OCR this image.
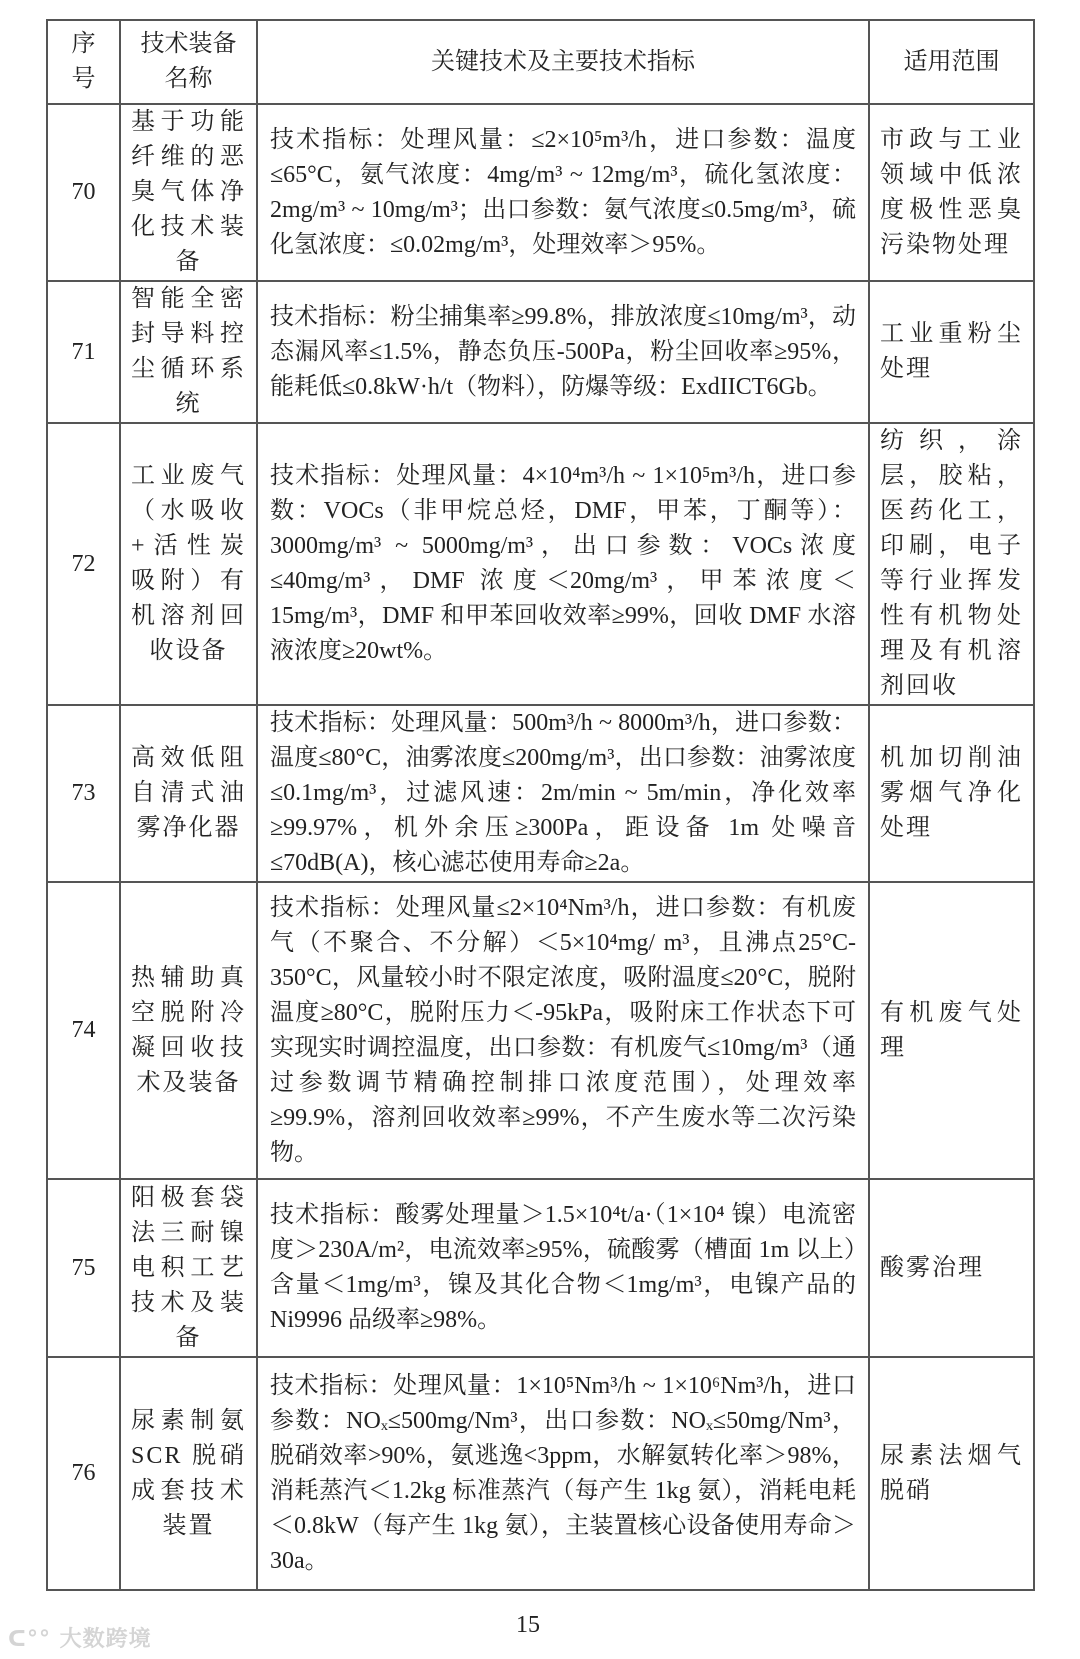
序号	技术装备名称	关键技术及主要技术指标	适用范围
70	基于功能纤维的恶臭气体净化技术装备	技术指标：处理风量：≤2×10⁵m³/h，进口参数：温度≤65°C，氨气浓度：4mg/m³ ~ 12mg/m³，硫化氢浓度：2mg/m³ ~ 10mg/m³；出口参数：氨气浓度≤0.5mg/m³，硫化氢浓度：≤0.02mg/m³，处理效率＞95%。	市政与工业领域中低浓度极性恶臭污染物处理
71	智能全密封导料控尘循环系统	技术指标：粉尘捕集率≥99.8%，排放浓度≤10mg/m³，动态漏风率≤1.5%，静态负压-500Pa，粉尘回收率≥95%，能耗低≤0.8kW·h/t（物料），防爆等级：ExdIICT6Gb。	工业重粉尘处理
72	工业废气（水吸收+活性炭吸附）有机溶剂回收设备	技术指标：处理风量：4×10⁴m³/h ~ 1×10⁵m³/h，进口参数：VOCs（非甲烷总烃，DMF，甲苯，丁酮等）：3000mg/m³ ~ 5000mg/m³，出口参数：VOCs浓度≤40mg/m³，DMF 浓度＜20mg/m³，甲苯浓度＜15mg/m³，DMF 和甲苯回收效率≥99%，回收 DMF 水溶液浓度≥20wt%。	纺织，涂层，胶粘，医药化工，印刷，电子等行业挥发性有机物处理及有机溶剂回收
73	高效低阻自清式油雾净化器	技术指标：处理风量：500m³/h ~ 8000m³/h，进口参数：温度≤80°C，油雾浓度≤200mg/m³，出口参数：油雾浓度≤0.1mg/m³，过滤风速：2m/min ~ 5m/min，净化效率≥99.97%，机外余压≥300Pa，距设备 1m 处噪音≤70dB(A)，核心滤芯使用寿命≥2a。	机加切削油雾烟气净化处理
74	热辅助真空脱附冷凝回收技术及装备	技术指标：处理风量≤2×10⁴Nm³/h，进口参数：有机废气（不聚合、不分解）＜5×10⁴mg/ m³，且沸点25°C-350°C，风量较小时不限定浓度，吸附温度≤20°C，脱附温度≥80°C，脱附压力＜-95kPa，吸附床工作状态下可实现实时调控温度，出口参数：有机废气≤10mg/m³（通过参数调节精确控制排口浓度范围），处理效率≥99.9%，溶剂回收效率≥99%，不产生废水等二次污染物。	有机废气处理
75	阳极套袋法三耐镍电积工艺技术及装备	技术指标：酸雾处理量＞1.5×10⁴t/a·（1×10⁴ 镍）电流密度＞230A/m²，电流效率≥95%，硫酸雾（槽面 1m 以上）含量＜1mg/m³，镍及其化合物＜1mg/m³，电镍产品的 Ni9996 品级率≥98%。	酸雾治理
76	尿素制氨 SCR 脱硝成套技术装置	技术指标：处理风量：1×10⁵Nm³/h ~ 1×10⁶Nm³/h，进口参数：NOₓ≤500mg/Nm³，出口参数：NOₓ≤50mg/Nm³，脱硝效率>90%，氨逃逸<3ppm，水解氨转化率＞98%，消耗蒸汽＜1.2kg 标准蒸汽（每产生 1kg 氨），消耗电耗＜0.8kW（每产生 1kg 氨），主装置核心设备使用寿命＞30a。	尿素法烟气脱硝
ᑕ°° 大数跨境
15
